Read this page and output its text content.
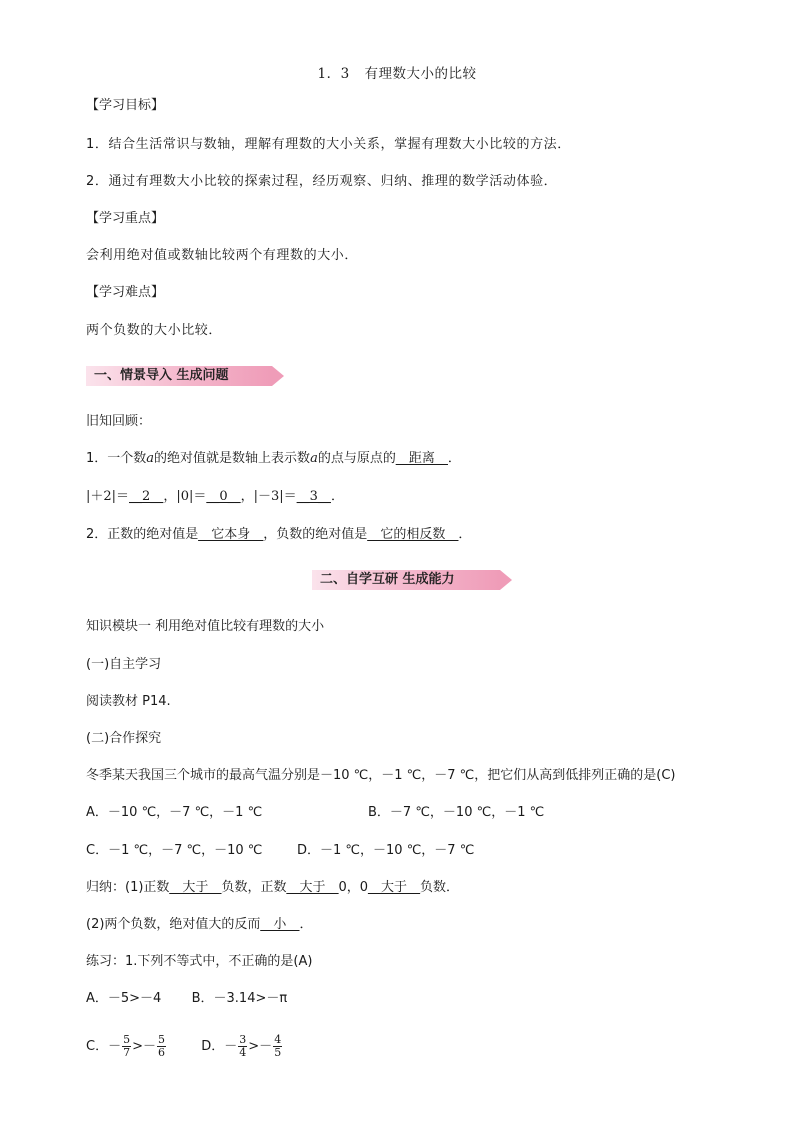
1．3 有理数大小的比较
【学习目标】
1．结合生活常识与数轴，理解有理数的大小关系，掌握有理数大小比较的方法．
2．通过有理数大小比较的探索过程，经历观察、归纳、推理的数学活动体验．
【学习重点】
会利用绝对值或数轴比较两个有理数的大小．
【学习难点】
两个负数的大小比较．
一、情景导入 生成问题
旧知回顾：
1．一个数a的绝对值就是数轴上表示数a的点与原点的__距离__．
|＋2|＝__2__，|0|＝__0__，|－3|＝__3__．
2．正数的绝对值是__它本身__，负数的绝对值是__它的相反数__．
二、自学互研 生成能力
知识模块一 利用绝对值比较有理数的大小
(一)自主学习
阅读教材 P14.
(二)合作探究
冬季某天我国三个城市的最高气温分别是－10 ℃，－1 ℃，－7 ℃，把它们从高到低排列正确的是(C)
A．－10 ℃，－7 ℃，－1 ℃	B．－7 ℃，－10 ℃，－1 ℃
C．－1 ℃，－7 ℃，－10 ℃	D．－1 ℃，－10 ℃，－7 ℃
归纳：(1)正数__大于__负数，正数__大于__0，0__大于__负数．
(2)两个负数，绝对值大的反而__小__．
练习：1.下列不等式中，不正确的是(A)
A．－5>－4 B．－3.14>－π
C．－ $\frac{5}{7} >- \frac{5}{6}$	D．－ $\frac{3}{4} >- \frac{4}{5}$
